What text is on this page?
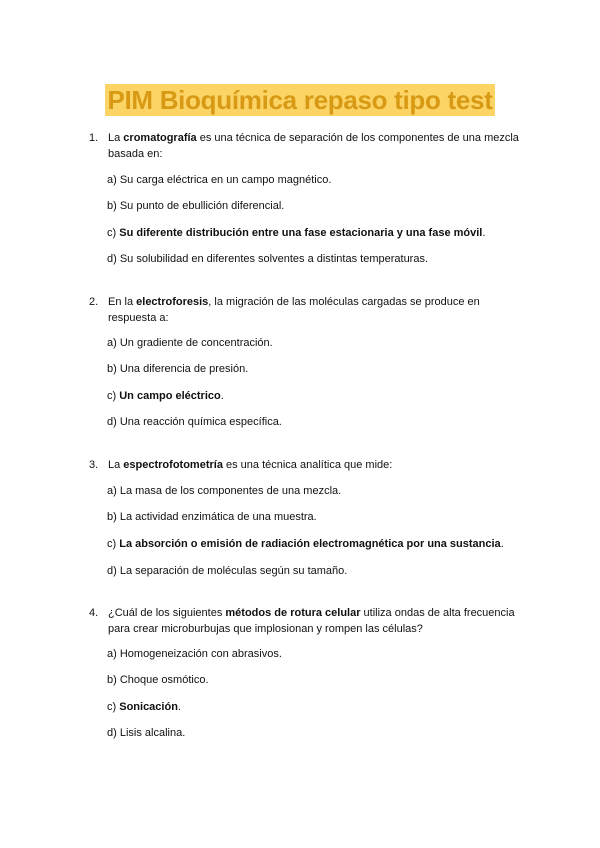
PIM Bioquímica repaso tipo test
1. La cromatografía es una técnica de separación de los componentes de una mezcla basada en:
a) Su carga eléctrica en un campo magnético.
b) Su punto de ebullición diferencial.
c) Su diferente distribución entre una fase estacionaria y una fase móvil.
d) Su solubilidad en diferentes solventes a distintas temperaturas.
2. En la electroforesis, la migración de las moléculas cargadas se produce en respuesta a:
a) Un gradiente de concentración.
b) Una diferencia de presión.
c) Un campo eléctrico.
d) Una reacción química específica.
3. La espectrofotometría es una técnica analítica que mide:
a) La masa de los componentes de una mezcla.
b) La actividad enzimática de una muestra.
c) La absorción o emisión de radiación electromagnética por una sustancia.
d) La separación de moléculas según su tamaño.
4. ¿Cuál de los siguientes métodos de rotura celular utiliza ondas de alta frecuencia para crear microburbujas que implosionan y rompen las células?
a) Homogeneización con abrasivos.
b) Choque osmótico.
c) Sonicación.
d) Lisis alcalina.
